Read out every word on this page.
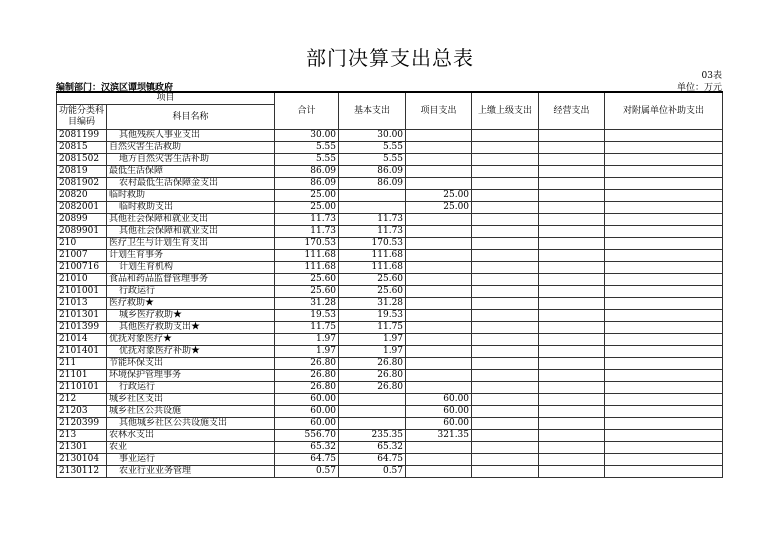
部门决算支出总表
03表
编制部门：汉滨区谭坝镇政府	单位：万元
项目		合计	基本支出	项目支出	上缴上级支出	经营支出	对附属单位补助支出
功能分类科目编码	科目名称						
2081199	其他残疾人事业支出	30.00	30.00				
20815	自然灾害生活救助	5.55	5.55				
2081502	地方自然灾害生活补助	5.55	5.55				
20819	最低生活保障	86.09	86.09				
2081902	农村最低生活保障金支出	86.09	86.09				
20820	临时救助	25.00		25.00			
2082001	临时救助支出	25.00		25.00			
20899	其他社会保障和就业支出	11.73	11.73				
2089901	其他社会保障和就业支出	11.73	11.73				
210	医疗卫生与计划生育支出	170.53	170.53				
21007	计划生育事务	111.68	111.68				
2100716	计划生育机构	111.68	111.68				
21010	食品和药品监督管理事务	25.60	25.60				
2101001	行政运行	25.60	25.60				
21013	医疗救助★	31.28	31.28				
2101301	城乡医疗救助★	19.53	19.53				
2101399	其他医疗救助支出★	11.75	11.75				
21014	优抚对象医疗★	1.97	1.97				
2101401	优抚对象医疗补助★	1.97	1.97				
211	节能环保支出	26.80	26.80				
21101	环境保护管理事务	26.80	26.80				
2110101	行政运行	26.80	26.80				
212	城乡社区支出	60.00		60.00			
21203	城乡社区公共设施	60.00		60.00			
2120399	其他城乡社区公共设施支出	60.00		60.00			
213	农林水支出	556.70	235.35	321.35			
21301	农业	65.32	65.32				
2130104	事业运行	64.75	64.75				
2130112	农业行业业务管理	0.57	0.57				
